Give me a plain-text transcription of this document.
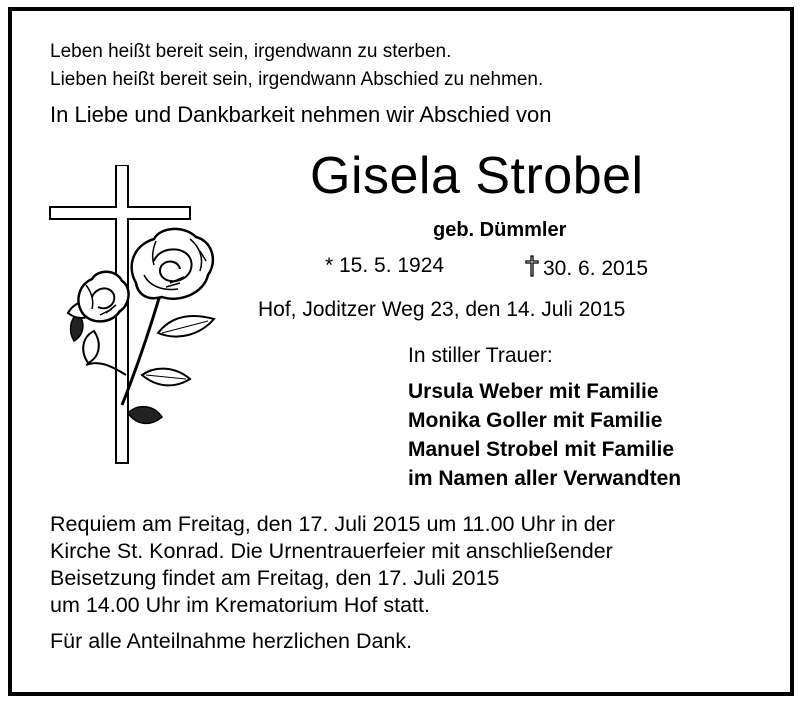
Leben heißt bereit sein, irgendwann zu sterben.
Lieben heißt bereit sein, irgendwann Abschied zu nehmen.
In Liebe und Dankbarkeit nehmen wir Abschied von
Gisela Strobel
geb. Dümmler
* 15. 5. 1924	30. 6. 2015
Hof, Joditzer Weg 23, den 14. Juli 2015
In stiller Trauer:
Ursula Weber mit Familie
Monika Goller mit Familie
Manuel Strobel mit Familie
im Namen aller Verwandten
Requiem am Freitag, den 17. Juli 2015 um 11.00 Uhr in der
Kirche St. Konrad. Die Urnentrauerfeier mit anschließender
Beisetzung findet am Freitag, den 17. Juli 2015
um 14.00 Uhr im Krematorium Hof statt.
Für alle Anteilnahme herzlichen Dank.
